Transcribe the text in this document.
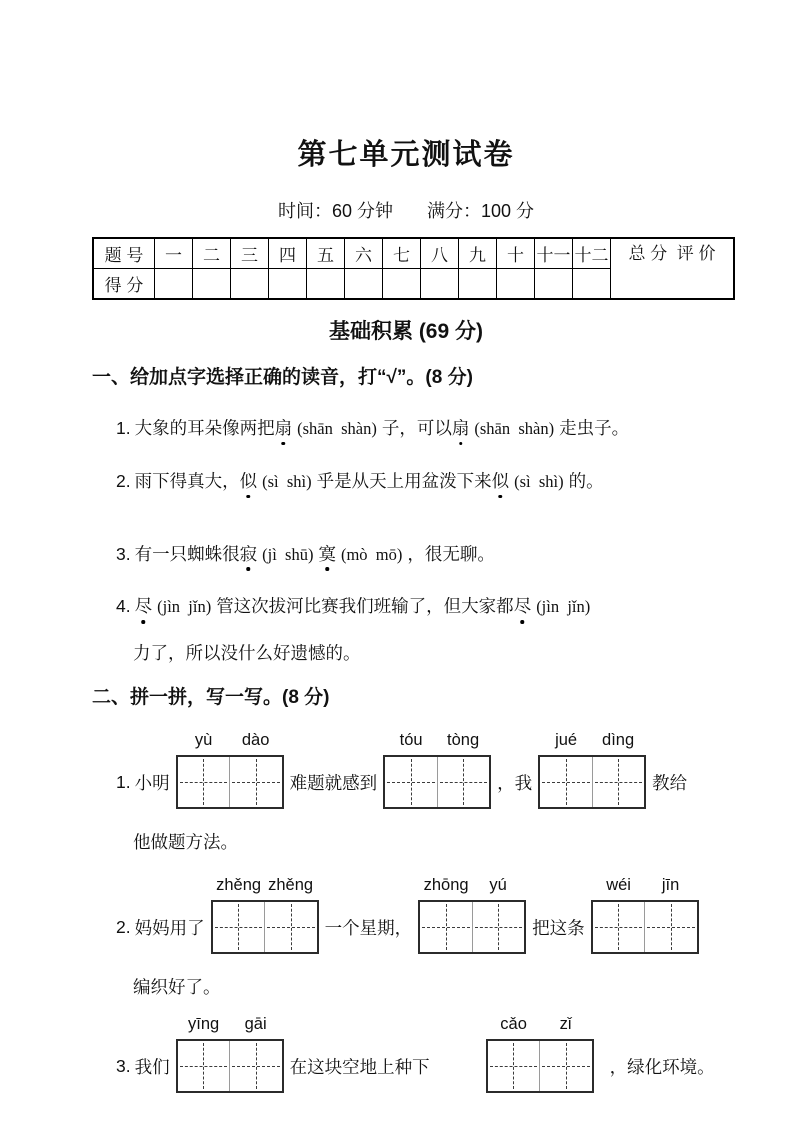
第七单元测试卷
时间：60 分钟 满分：100 分
题 号	一	二	三	四	五	六	七	八	九	十	十一	十二	总 分  评 价
得 分													
基础积累 (69 分)
一、给加点字选择正确的读音，打“√”。(8 分)
1. 大象的耳朵像两把扇 (shān  shàn) 子，可以扇 (shān  shàn) 走虫子。
2. 雨下得真大，似 (sì  shì) 乎是从天上用盆泼下来似 (sì  shì) 的。
3. 有一只蜘蛛很寂 (jì  shū) 寞 (mò  mō) ，很无聊。
4. 尽 (jìn  jǐn) 管这次拔河比赛我们班输了，但大家都尽 (jìn  jǐn)
力了，所以没什么好遗憾的。
二、拼一拼，写一写。(8 分)
1. 小明
yù	dào
难题就感到
tóu	tòng
，我
jué	dìng
教给
他做题方法。
2. 妈妈用了
zhěng zhěng
一个星期，
zhōng	yú
把这条
wéi	jīn
编织好了。
3. 我们
yīng	gāi
在这块空地上种下
cǎo	zǐ
，绿化环境。
